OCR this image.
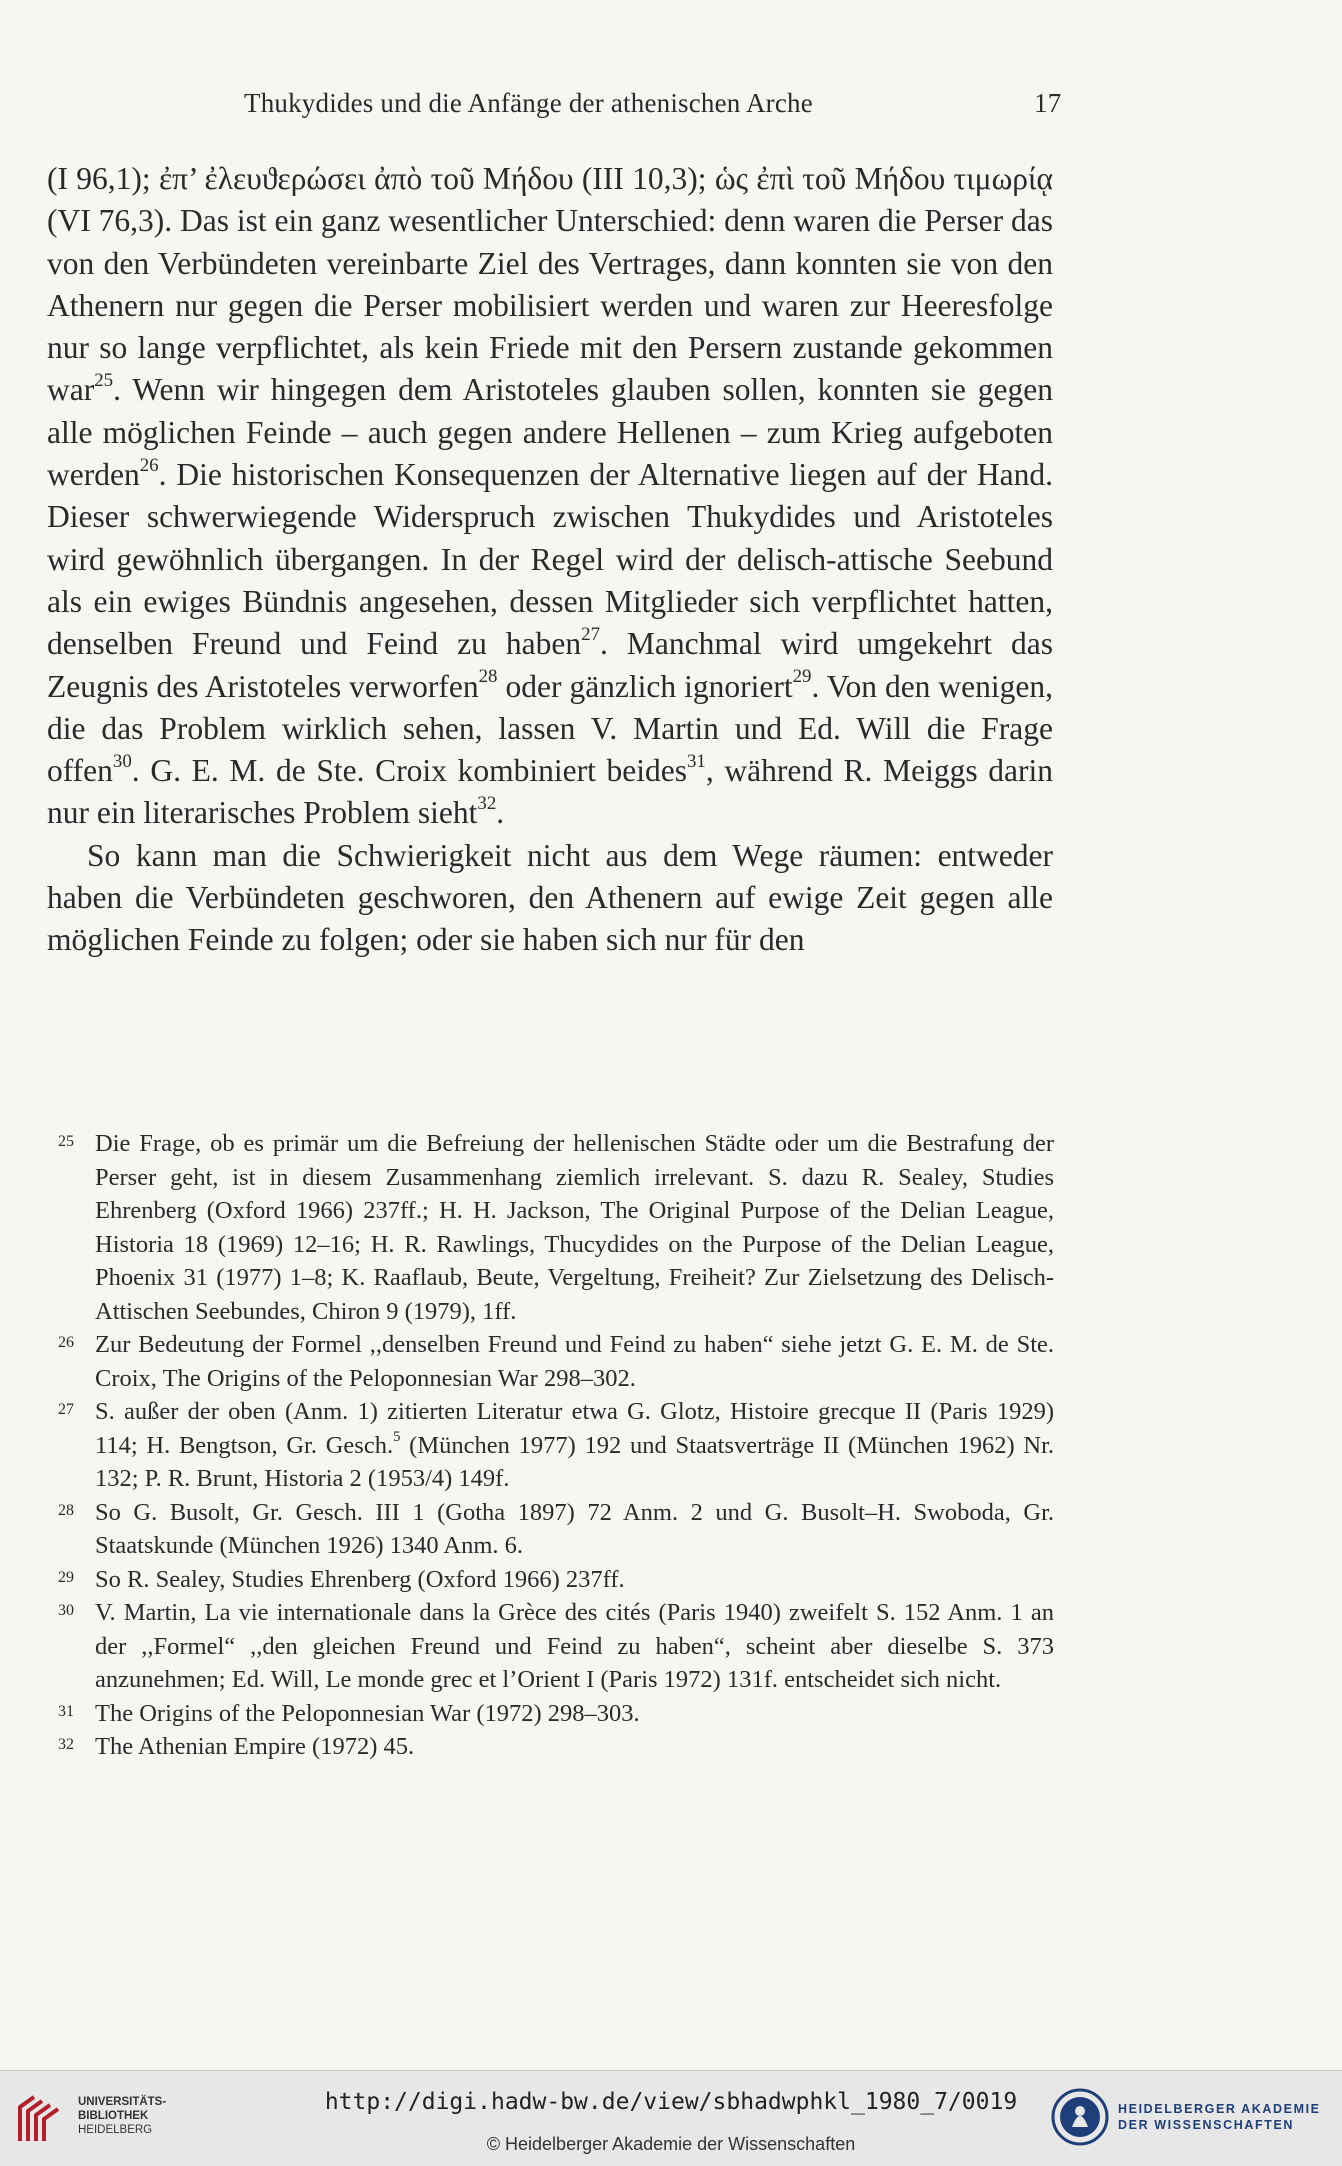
Thukydides und die Anfänge der athenischen Arche	17

(I 96,1); ἐπ’ ἐλευϑερώσει ἀπὸ τοῦ Μήδου (III 10,3); ὡς ἐπὶ τοῦ Μήδου τιμωρίᾳ (VI 76,3). Das ist ein ganz wesentlicher Unterschied: denn waren die Perser das von den Verbündeten vereinbarte Ziel des Vertrages, dann konnten sie von den Athenern nur gegen die Perser mobilisiert werden und waren zur Heeresfolge nur so lange verpflichtet, als kein Friede mit den Persern zustande gekommen war$^{25}$. Wenn wir hingegen dem Aristoteles glauben sollen, konnten sie gegen alle möglichen Feinde – auch gegen andere Hellenen – zum Krieg aufgeboten werden$^{26}$. Die historischen Konsequenzen der Alternative liegen auf der Hand. Dieser schwerwiegende Widerspruch zwischen Thukydides und Aristoteles wird gewöhnlich übergangen. In der Regel wird der delisch-attische Seebund als ein ewiges Bündnis angesehen, dessen Mitglieder sich verpflichtet hatten, denselben Freund und Feind zu haben$^{27}$. Manchmal wird umgekehrt das Zeugnis des Aristoteles verworfen$^{28}$ oder gänzlich ignoriert$^{29}$. Von den wenigen, die das Problem wirklich sehen, lassen V. Martin und Ed. Will die Frage offen$^{30}$. G. E. M. de Ste. Croix kombiniert beides$^{31}$, während R. Meiggs darin nur ein literarisches Problem sieht$^{32}$.

So kann man die Schwierigkeit nicht aus dem Wege räumen: entweder haben die Verbündeten geschworen, den Athenern auf ewige Zeit gegen alle möglichen Feinde zu folgen; oder sie haben sich nur für den

25 Die Frage, ob es primär um die Befreiung der hellenischen Städte oder um die Bestrafung der Perser geht, ist in diesem Zusammenhang ziemlich irrelevant. S. dazu R. Sealey, Studies Ehrenberg (Oxford 1966) 237ff.; H. H. Jackson, The Original Purpose of the Delian League, Historia 18 (1969) 12–16; H. R. Rawlings, Thucydides on the Purpose of the Delian League, Phoenix 31 (1977) 1–8; K. Raaflaub, Beute, Vergeltung, Freiheit? Zur Zielsetzung des Delisch-Attischen Seebundes, Chiron 9 (1979), 1ff.

26 Zur Bedeutung der Formel ,,denselben Freund und Feind zu haben“ siehe jetzt G. E. M. de Ste. Croix, The Origins of the Peloponnesian War 298–302.

27 S. außer der oben (Anm. 1) zitierten Literatur etwa G. Glotz, Histoire grecque II (Paris 1929) 114; H. Bengtson, Gr. Gesch.$^5$ (München 1977) 192 und Staatsverträge II (München 1962) Nr. 132; P. R. Brunt, Historia 2 (1953/4) 149f.

28 So G. Busolt, Gr. Gesch. III 1 (Gotha 1897) 72 Anm. 2 und G. Busolt–H. Swoboda, Gr. Staatskunde (München 1926) 1340 Anm. 6.

29 So R. Sealey, Studies Ehrenberg (Oxford 1966) 237ff.

30 V. Martin, La vie internationale dans la Grèce des cités (Paris 1940) zweifelt S. 152 Anm. 1 an der ,,Formel“ ,,den gleichen Freund und Feind zu haben“, scheint aber dieselbe S. 373 anzunehmen; Ed. Will, Le monde grec et l’Orient I (Paris 1972) 131f. entscheidet sich nicht.

31 The Origins of the Peloponnesian War (1972) 298–303.

32 The Athenian Empire (1972) 45.

UNIVERSITÄTS-
BIBLIOTHEK
HEIDELBERG
http://digi.hadw-bw.de/view/sbhadwphkl_1980_7/0019
© Heidelberger Akademie der Wissenschaften
HEIDELBERGER AKADEMIE
DER WISSENSCHAFTEN
